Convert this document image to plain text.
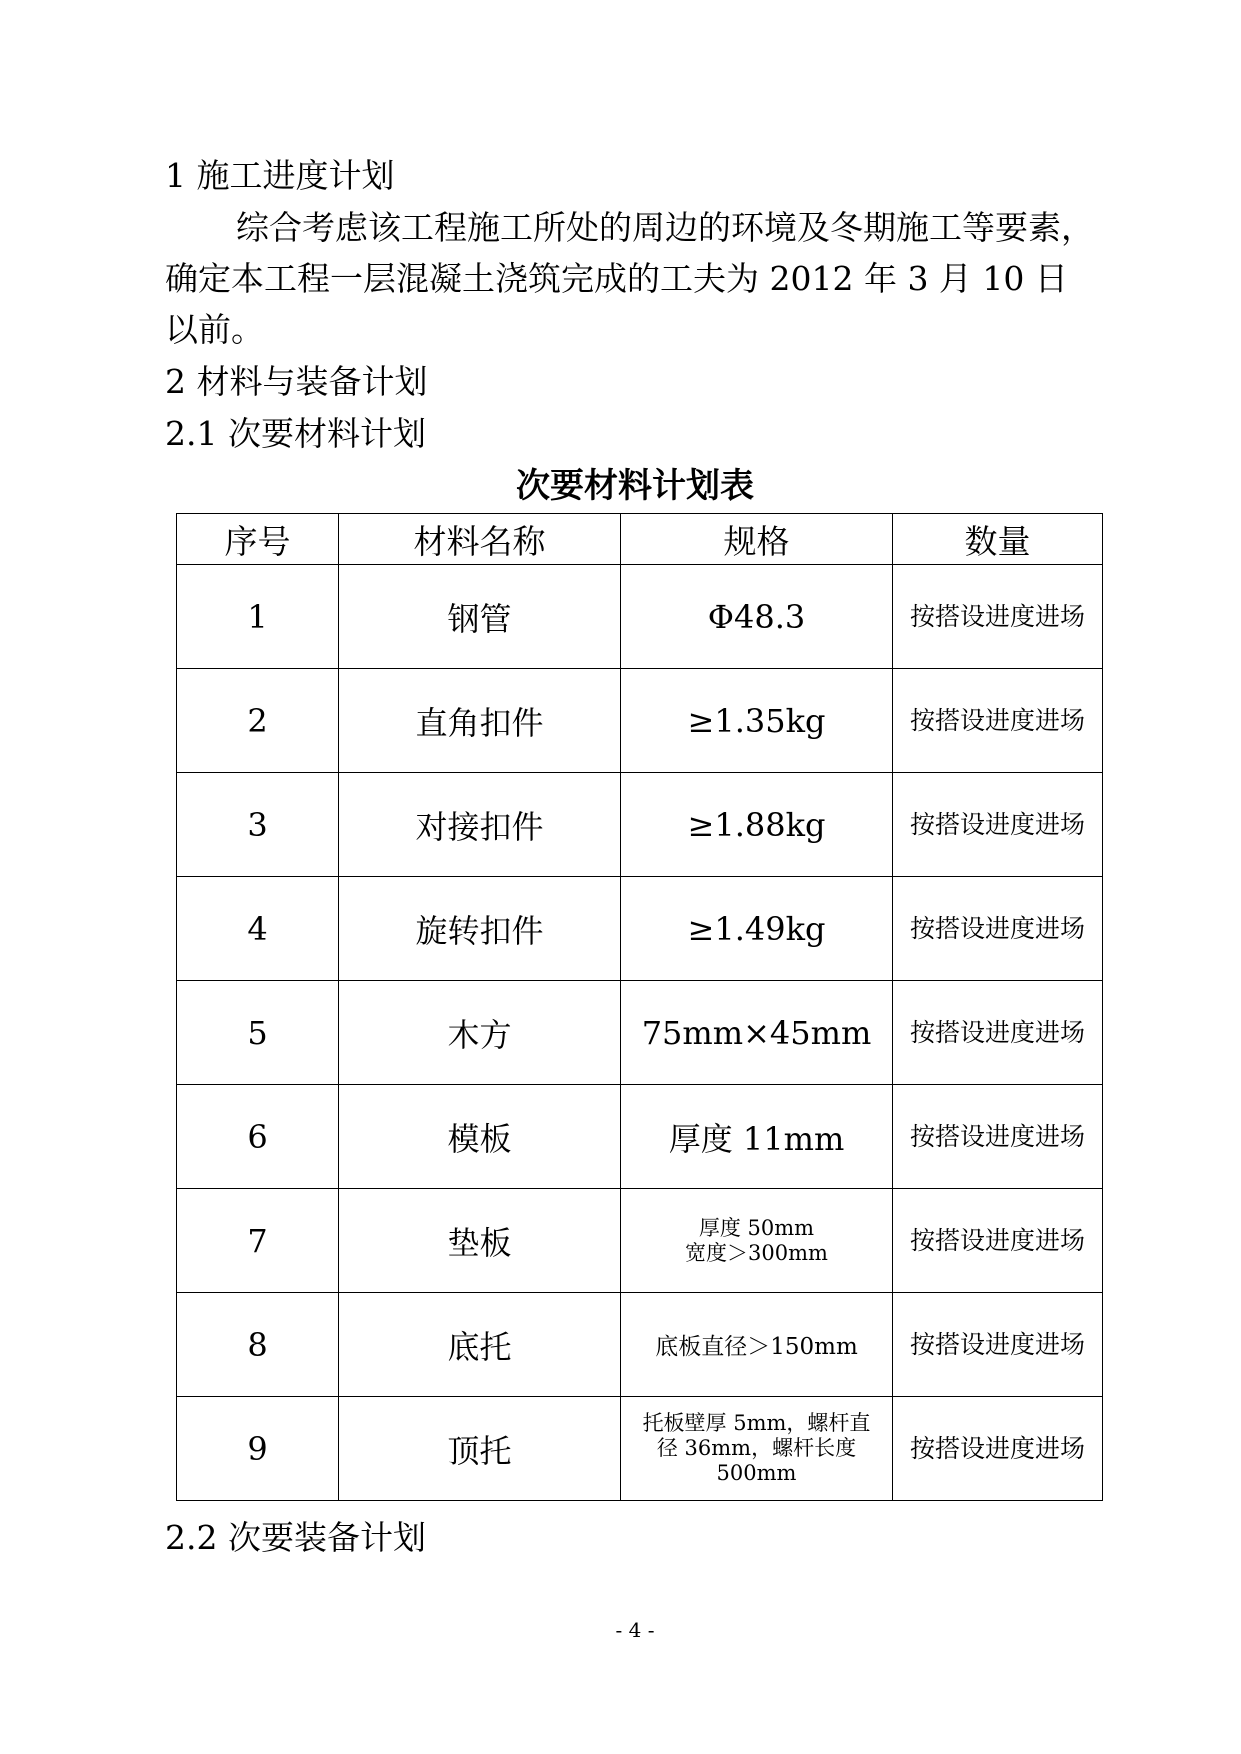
1 施工进度计划

综合考虑该工程施工所处的周边的环境及冬期施工等要素，

确定本工程一层混凝土浇筑完成的工夫为 2012 年 3 月 10 日

以前。

2 材料与装备计划

2.1 次要材料计划

次要材料计划表
序号	材料名称	规格	数量
1	钢管	Φ48.3	按搭设进度进场
2	直角扣件	≥1.35kg	按搭设进度进场
3	对接扣件	≥1.88kg	按搭设进度进场
4	旋转扣件	≥1.49kg	按搭设进度进场
5	木方	75mm×45mm	按搭设进度进场
6	模板	厚度 11mm	按搭设进度进场
7	垫板	厚度 50mm
宽度＞300mm	按搭设进度进场
8	底托	底板直径＞150mm	按搭设进度进场
9	顶托	托板壁厚 5mm，螺杆直
径 36mm，螺杆长度
500mm	按搭设进度进场

2.2 次要装备计划

- 4 -
